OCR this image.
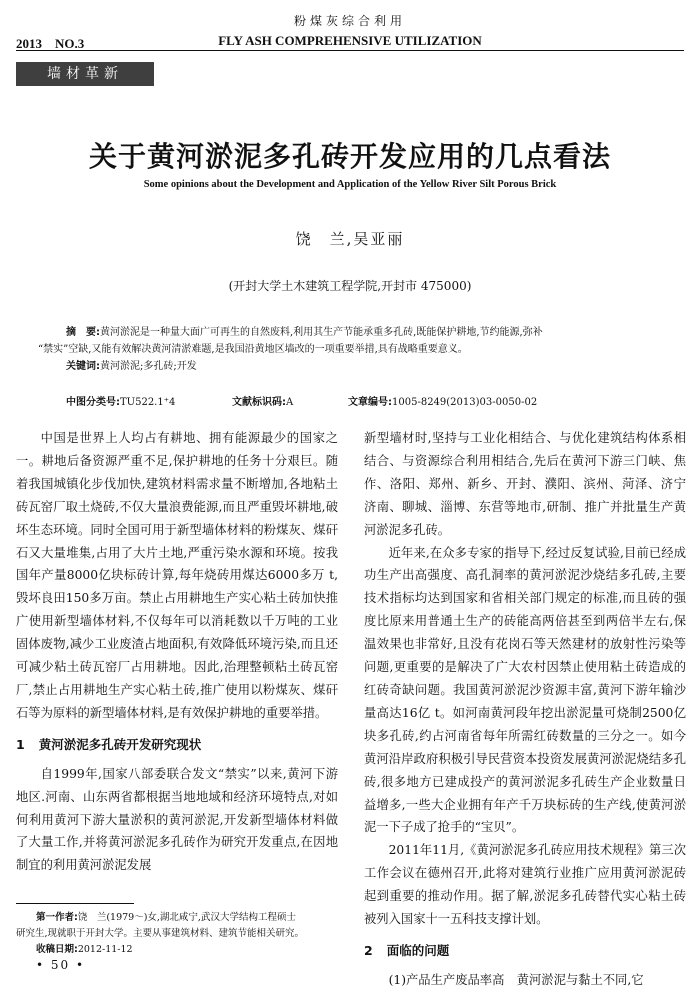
粉煤灰综合利用
2013　NO.3	FLY ASH COMPREHENSIVE UTILIZATION
墙材革新
关于黄河淤泥多孔砖开发应用的几点看法
Some opinions about the Development and Application of the Yellow River Silt Porous Brick
饶　兰,吴亚丽
(开封大学土木建筑工程学院,开封市 475000)
摘　要:黄河淤泥是一种量大面广可再生的自然废料,利用其生产节能承重多孔砖,既能保护耕地,节约能源,弥补
“禁实”空缺,又能有效解决黄河清淤难题,是我国沿黄地区墙改的一项重要举措,具有战略重要意义。
关键词:黄河淤泥;多孔砖;开发
中图分类号:TU522.1⁺4	文献标识码:A	文章编号:1005-8249(2013)03-0050-02

中国是世界上人均占有耕地、拥有能源最少的国家之一。耕地后备资源严重不足,保护耕地的任务十分艰巨。随着我国城镇化步伐加快,建筑材料需求量不断增加,各地粘土砖瓦窑厂取土烧砖,不仅大量浪费能源,而且严重毁坏耕地,破坏生态环境。同时全国可用于新型墙体材料的粉煤灰、煤矸石又大量堆集,占用了大片土地,严重污染水源和环境。按我国年产量8000亿块标砖计算,每年烧砖用煤达6000多万 t,毁坏良田150多万亩。禁止占用耕地生产实心粘土砖加快推广使用新型墙体材料,不仅每年可以消耗数以千万吨的工业固体废物,减少工业废渣占地面积,有效降低环境污染,而且还可减少粘土砖瓦窑厂占用耕地。因此,治理整顿粘土砖瓦窑厂,禁止占用耕地生产实心粘土砖,推广使用以粉煤灰、煤矸石等为原料的新型墙体材料,是有效保护耕地的重要举措。

1 黄河淤泥多孔砖开发研究现状

自1999年,国家八部委联合发文“禁实”以来,黄河下游地区.河南、山东两省都根据当地地域和经济环境特点,对如何利用黄河下游大量淤积的黄河淤泥,开发新型墙体材料做了大量工作,并将黄河淤泥多孔砖作为研究开发重点,在因地制宜的利用黄河淤泥发展

新型墙材时,坚持与工业化相结合、与优化建筑结构体系相结合、与资源综合利用相结合,先后在黄河下游三门峡、焦作、洛阳、郑州、新乡、开封、濮阳、滨州、菏泽、济宁 济南、聊城、淄博、东营等地市,研制、推广并批量生产黄河淤泥多孔砖。

近年来,在众多专家的指导下,经过反复试验,目前已经成功生产出高强度、高孔洞率的黄河淤泥沙烧结多孔砖,主要技术指标均达到国家和省相关部门规定的标准,而且砖的强度比原来用普通土生产的砖能高两倍甚至到两倍半左右,保温效果也非常好,且没有花岗石等天然建材的放射性污染等问题,更重要的是解决了广大农村因禁止使用粘土砖造成的红砖奇缺问题。我国黄河淤泥沙资源丰富,黄河下游年输沙量高达16亿 t。如河南黄河段年挖出淤泥量可烧制2500亿块多孔砖,约占河南省每年所需红砖数量的三分之一。如今黄河沿岸政府积极引导民营资本投资发展黄河淤泥烧结多孔砖,很多地方已建成投产的黄河淤泥多孔砖生产企业数量日益增多,一些大企业拥有年产千万块标砖的生产线,使黄河淤泥一下子成了抢手的“宝贝”。

2011年11月,《黄河淤泥多孔砖应用技术规程》第三次工作会议在德州召开,此将对建筑行业推广应用黄河淤泥砖起到重要的推动作用。据了解,淤泥多孔砖替代实心粘土砖被列入国家十一五科技支撑计划。

2 面临的问题

(1)产品生产废品率高　黄河淤泥与黏土不同,它

第一作者:饶　兰(1979～)女,湖北咸宁,武汉大学结构工程硕士
研究生,现就职于开封大学。主要从事建筑材料、建筑节能相关研究。
收稿日期:2012-11-12
• 50 •
